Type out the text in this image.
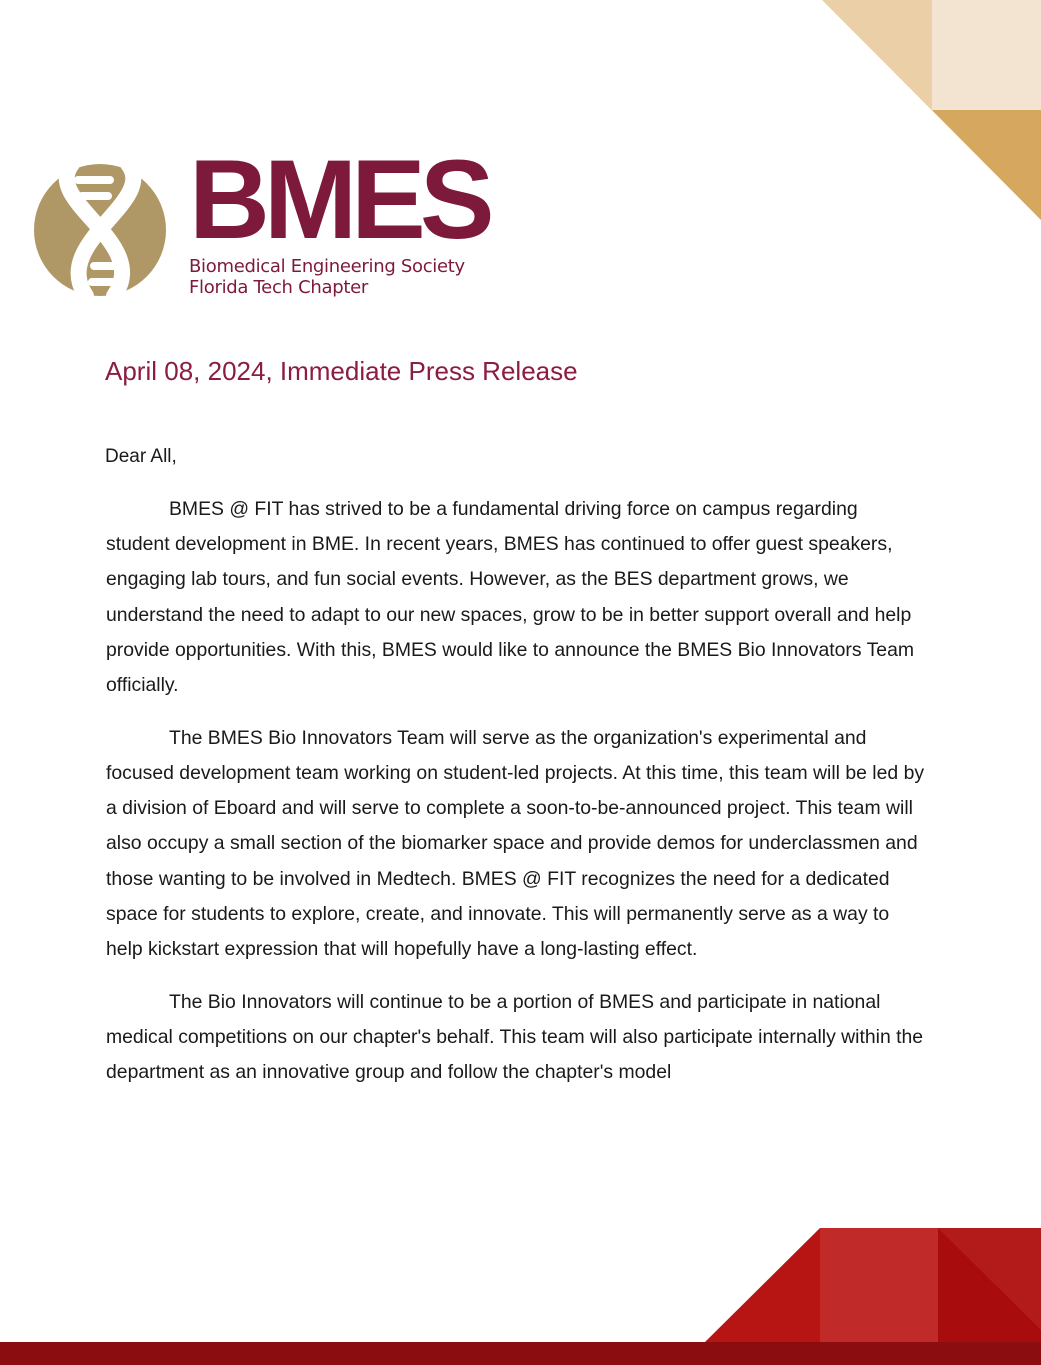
BMES
Biomedical Engineering Society
Florida Tech Chapter
April 08, 2024, Immediate Press Release
Dear All,

BMES @ FIT has strived to be a fundamental driving force on campus regarding student development in BME. In recent years, BMES has continued to offer guest speakers, engaging lab tours, and fun social events. However, as the BES department grows, we understand the need to adapt to our new spaces, grow to be in better support overall and help provide opportunities. With this, BMES would like to announce the BMES Bio Innovators Team officially.

The BMES Bio Innovators Team will serve as the organization's experimental and focused development team working on student-led projects. At this time, this team will be led by a division of Eboard and will serve to complete a soon-to-be-announced project. This team will also occupy a small section of the biomarker space and provide demos for underclassmen and those wanting to be involved in Medtech. BMES @ FIT recognizes the need for a dedicated space for students to explore, create, and innovate. This will permanently serve as a way to help kickstart expression that will hopefully have a long-lasting effect.

The Bio Innovators will continue to be a portion of BMES and participate in national medical competitions on our chapter's behalf. This team will also participate internally within the department as an innovative group and follow the chapter's model
